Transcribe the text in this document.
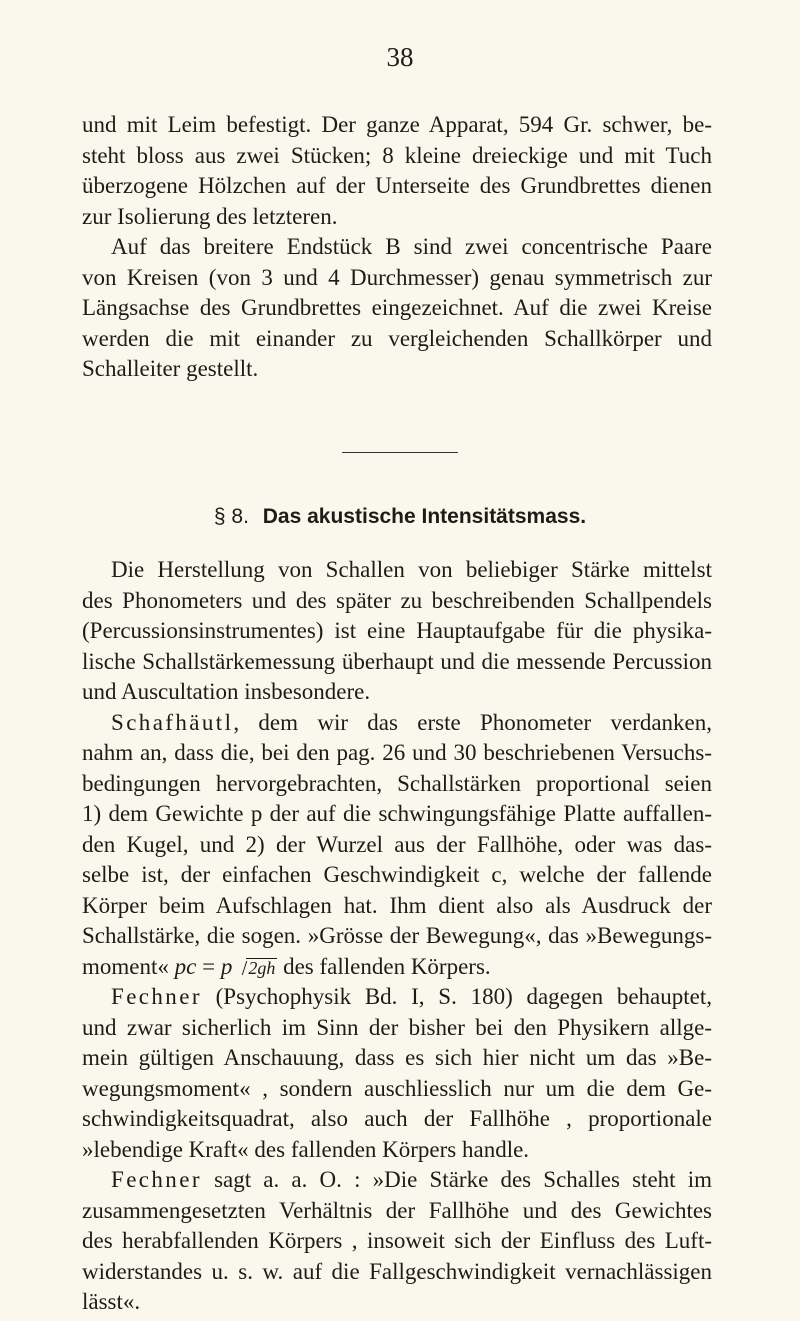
38
und mit Leim befestigt. Der ganze Apparat, 594 Gr. schwer, be-
steht bloss aus zwei Stücken; 8 kleine dreieckige und mit Tuch
überzogene Hölzchen auf der Unterseite des Grundbrettes dienen
zur Isolierung des letzteren.
Auf das breitere Endstück B sind zwei concentrische Paare
von Kreisen (von 3 und 4 Durchmesser) genau symmetrisch zur
Längsachse des Grundbrettes eingezeichnet. Auf die zwei Kreise
werden die mit einander zu vergleichenden Schallkörper und
Schalleiter gestellt.
§ 8. Das akustische Intensitätsmass.
Die Herstellung von Schallen von beliebiger Stärke mittelst
des Phonometers und des später zu beschreibenden Schallpendels
(Percussionsinstrumentes) ist eine Hauptaufgabe für die physika-
lische Schallstärkemessung überhaupt und die messende Percussion
und Auscultation insbesondere.
Schafhäutl, dem wir das erste Phonometer verdanken,
nahm an, dass die, bei den pag. 26 und 30 beschriebenen Versuchs-
bedingungen hervorgebrachten, Schallstärken proportional seien
1) dem Gewichte p der auf die schwingungsfähige Platte auffallen-
den Kugel, und 2) der Wurzel aus der Fallhöhe, oder was das-
selbe ist, der einfachen Geschwindigkeit c, welche der fallende
Körper beim Aufschlagen hat. Ihm dient also als Ausdruck der
Schallstärke, die sogen. »Grösse der Bewegung«, das »Bewegungs-
moment« pc = p 2gh des fallenden Körpers.
Fechner (Psychophysik Bd. I, S. 180) dagegen behauptet,
und zwar sicherlich im Sinn der bisher bei den Physikern allge-
mein gültigen Anschauung, dass es sich hier nicht um das »Be-
wegungsmoment« , sondern auschliesslich nur um die dem Ge-
schwindigkeitsquadrat, also auch der Fallhöhe , proportionale
»lebendige Kraft« des fallenden Körpers handle.
Fechner sagt a. a. O. : »Die Stärke des Schalles steht im
zusammengesetzten Verhältnis der Fallhöhe und des Gewichtes
des herabfallenden Körpers , insoweit sich der Einfluss des Luft-
widerstandes u. s. w. auf die Fallgeschwindigkeit vernachlässigen
lässt«.
